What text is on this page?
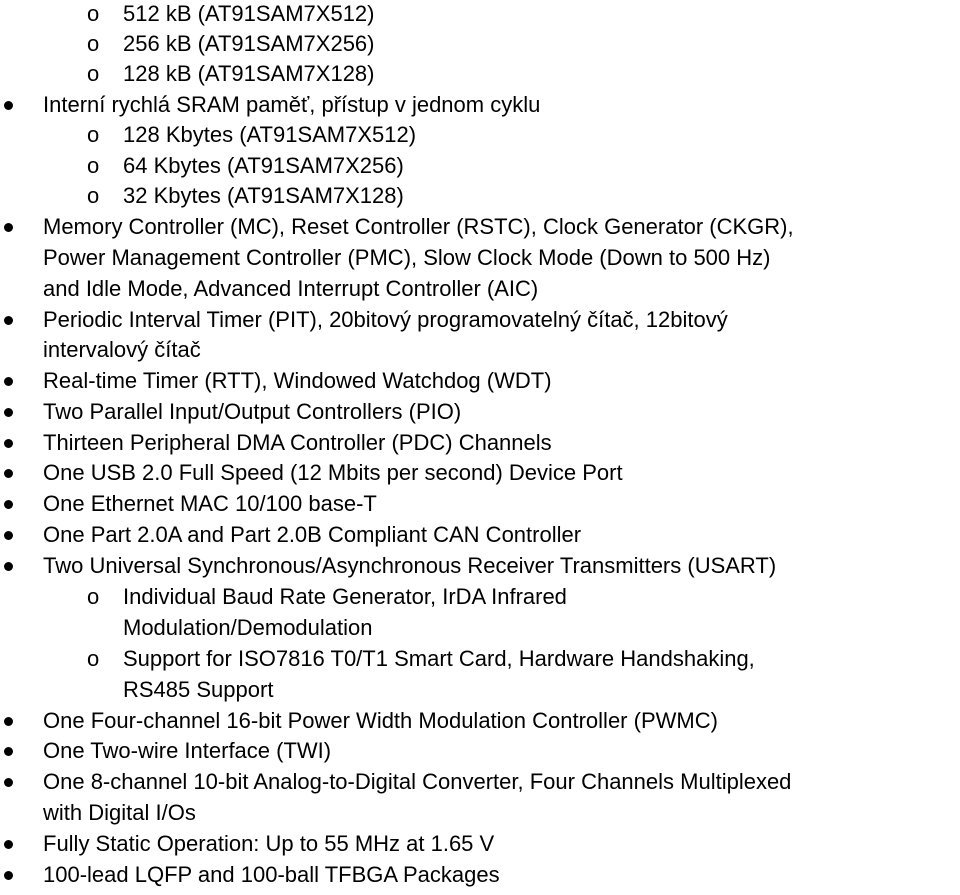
o 512 kB (AT91SAM7X512)
o 256 kB (AT91SAM7X256)
o 128 kB (AT91SAM7X128)
Interní rychlá SRAM paměť, přístup v jednom cyklu
o 128 Kbytes (AT91SAM7X512)
o 64 Kbytes (AT91SAM7X256)
o 32 Kbytes (AT91SAM7X128)
Memory Controller (MC), Reset Controller (RSTC), Clock Generator (CKGR),
Power Management Controller (PMC), Slow Clock Mode (Down to 500 Hz)
and Idle Mode, Advanced Interrupt Controller (AIC)
Periodic Interval Timer (PIT), 20bitový programovatelný čítač, 12bitový
intervalový čítač
Real-time Timer (RTT), Windowed Watchdog (WDT)
Two Parallel Input/Output Controllers (PIO)
Thirteen Peripheral DMA Controller (PDC) Channels
One USB 2.0 Full Speed (12 Mbits per second) Device Port
One Ethernet MAC 10/100 base-T
One Part 2.0A and Part 2.0B Compliant CAN Controller
Two Universal Synchronous/Asynchronous Receiver Transmitters (USART)
o Individual Baud Rate Generator, IrDA Infrared
Modulation/Demodulation
o Support for ISO7816 T0/T1 Smart Card, Hardware Handshaking,
RS485 Support
One Four-channel 16-bit Power Width Modulation Controller (PWMC)
One Two-wire Interface (TWI)
One 8-channel 10-bit Analog-to-Digital Converter, Four Channels Multiplexed
with Digital I/Os
Fully Static Operation: Up to 55 MHz at 1.65 V
100-lead LQFP and 100-ball TFBGA Packages
